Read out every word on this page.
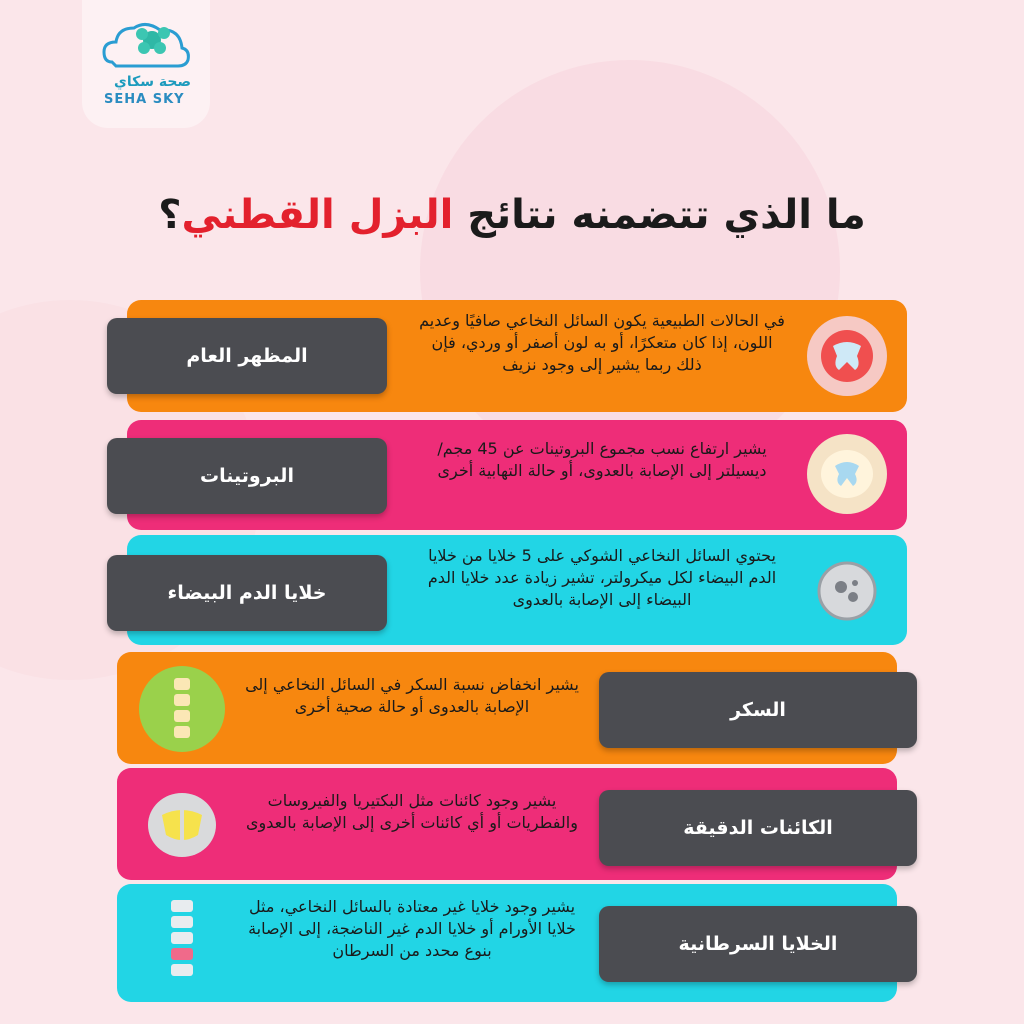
صحة سكاي
SEHA SKY
ما الذي تتضمنه نتائج البزل القطني؟
المظهر العام
في الحالات الطبيعية يكون السائل النخاعي صافيًا وعديم اللون، إذا كان متعكرًا، أو به لون أصفر أو وردي، فإن ذلك ربما يشير إلى وجود نزيف
البروتينات
يشير ارتفاع نسب مجموع البروتينات عن 45 مجم/ ديسيلتر إلى الإصابة بالعدوى، أو حالة التهابية أخرى
خلايا الدم البيضاء
يحتوي السائل النخاعي الشوكي على 5 خلايا من خلايا الدم البيضاء لكل ميكرولتر، تشير زيادة عدد خلايا الدم البيضاء إلى الإصابة بالعدوى
السكر
يشير انخفاض نسبة السكر في السائل النخاعي إلى الإصابة بالعدوى أو حالة صحية أخرى
الكائنات الدقيقة
يشير وجود كائنات مثل البكتيريا والفيروسات والفطريات أو أي كائنات أخرى إلى الإصابة بالعدوى
الخلايا السرطانية
يشير وجود خلايا غير معتادة بالسائل النخاعي، مثل خلايا الأورام أو خلايا الدم غير الناضجة، إلى الإصابة بنوع محدد من السرطان
